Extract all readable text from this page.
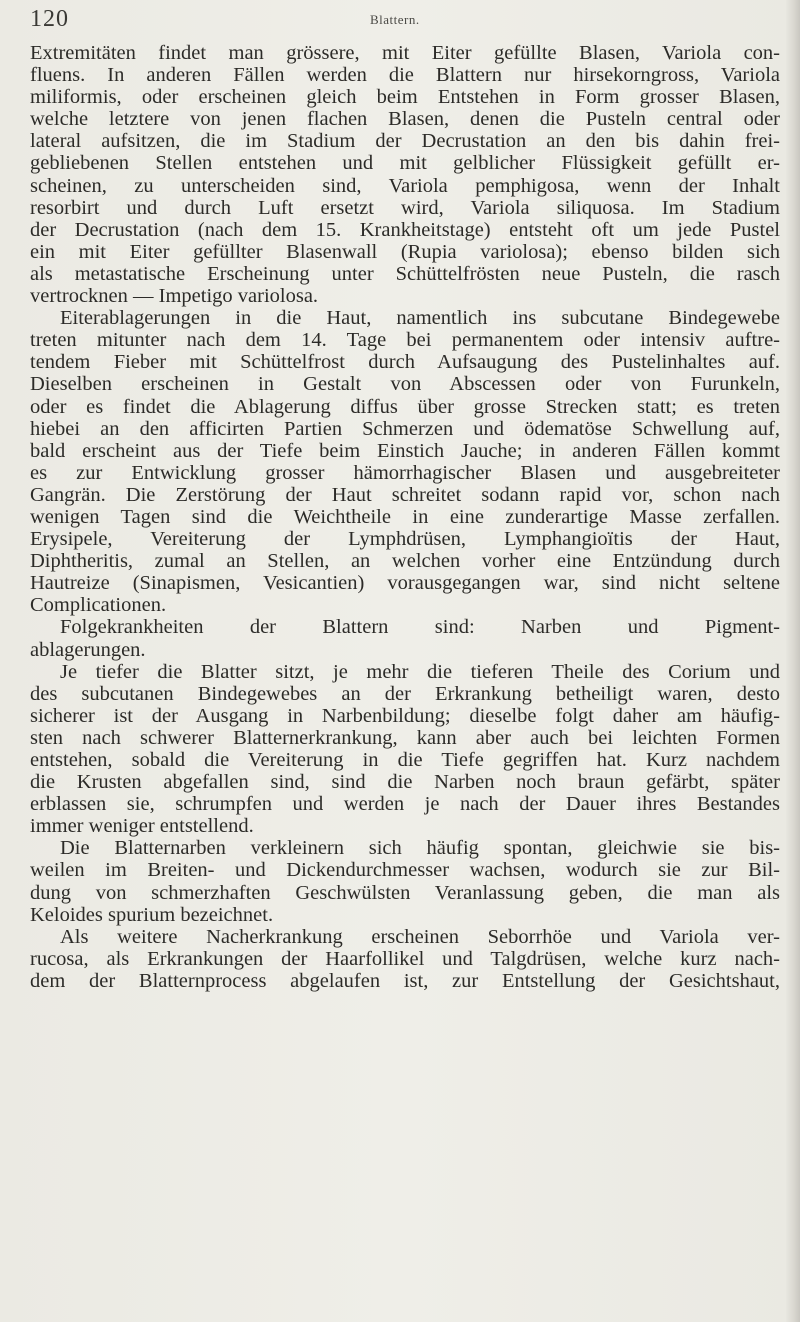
120	Blattern.
Extremitäten findet man grössere, mit Eiter gefüllte Blasen, Variola con-
fluens. In anderen Fällen werden die Blattern nur hirsekorngross, Variola
miliformis, oder erscheinen gleich beim Entstehen in Form grosser Blasen,
welche letztere von jenen flachen Blasen, denen die Pusteln central oder
lateral aufsitzen, die im Stadium der Decrustation an den bis dahin frei-
gebliebenen Stellen entstehen und mit gelblicher Flüssigkeit gefüllt er-
scheinen, zu unterscheiden sind, Variola pemphigosa, wenn der Inhalt
resorbirt und durch Luft ersetzt wird, Variola siliquosa. Im Stadium
der Decrustation (nach dem 15. Krankheitstage) entsteht oft um jede Pustel
ein mit Eiter gefüllter Blasenwall (Rupia variolosa); ebenso bilden sich
als metastatische Erscheinung unter Schüttelfrösten neue Pusteln, die rasch
vertrocknen — Impetigo variolosa.
Eiterablagerungen in die Haut, namentlich ins subcutane Bindegewebe
treten mitunter nach dem 14. Tage bei permanentem oder intensiv auftre-
tendem Fieber mit Schüttelfrost durch Aufsaugung des Pustelinhaltes auf.
Dieselben erscheinen in Gestalt von Abscessen oder von Furunkeln,
oder es findet die Ablagerung diffus über grosse Strecken statt; es treten
hiebei an den afficirten Partien Schmerzen und ödematöse Schwellung auf,
bald erscheint aus der Tiefe beim Einstich Jauche; in anderen Fällen kommt
es zur Entwicklung grosser hämorrhagischer Blasen und ausgebreiteter
Gangrän. Die Zerstörung der Haut schreitet sodann rapid vor, schon nach
wenigen Tagen sind die Weichtheile in eine zunderartige Masse zerfallen.
Erysipele, Vereiterung der Lymphdrüsen, Lymphangioïtis der Haut,
Diphtheritis, zumal an Stellen, an welchen vorher eine Entzündung durch
Hautreize (Sinapismen, Vesicantien) vorausgegangen war, sind nicht seltene
Complicationen.
Folgekrankheiten der Blattern sind: Narben und Pigment-
ablagerungen.
Je tiefer die Blatter sitzt, je mehr die tieferen Theile des Corium und
des subcutanen Bindegewebes an der Erkrankung betheiligt waren, desto
sicherer ist der Ausgang in Narbenbildung; dieselbe folgt daher am häufig-
sten nach schwerer Blatternerkrankung, kann aber auch bei leichten Formen
entstehen, sobald die Vereiterung in die Tiefe gegriffen hat. Kurz nachdem
die Krusten abgefallen sind, sind die Narben noch braun gefärbt, später
erblassen sie, schrumpfen und werden je nach der Dauer ihres Bestandes
immer weniger entstellend.
Die Blatternarben verkleinern sich häufig spontan, gleichwie sie bis-
weilen im Breiten- und Dickendurchmesser wachsen, wodurch sie zur Bil-
dung von schmerzhaften Geschwülsten Veranlassung geben, die man als
Keloides spurium bezeichnet.
Als weitere Nacherkrankung erscheinen Seborrhöe und Variola ver-
rucosa, als Erkrankungen der Haarfollikel und Talgdrüsen, welche kurz nach-
dem der Blatternprocess abgelaufen ist, zur Entstellung der Gesichtshaut,
